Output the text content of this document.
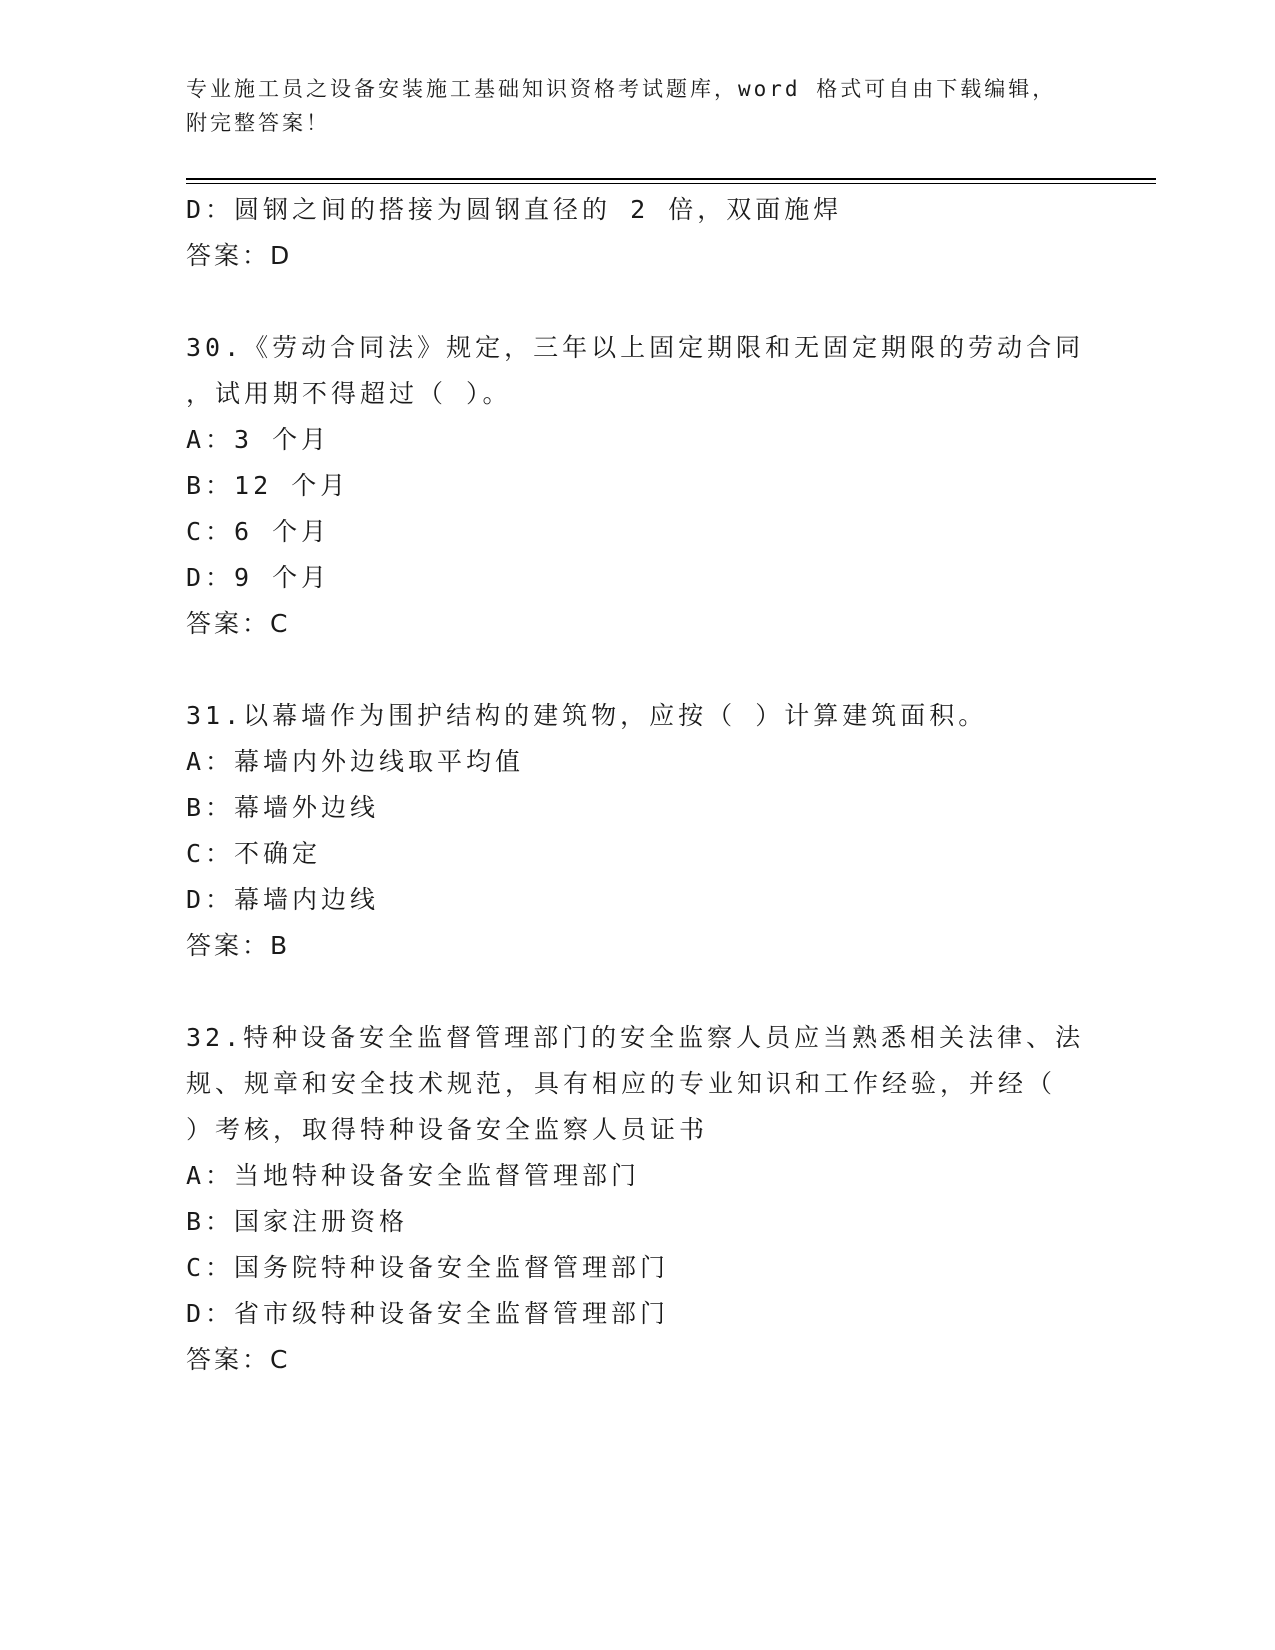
专业施工员之设备安装施工基础知识资格考试题库，word 格式可自由下载编辑，
附完整答案！
D：圆钢之间的搭接为圆钢直径的 2 倍，双面施焊
答案：D
30.《劳动合同法》规定，三年以上固定期限和无固定期限的劳动合同
，试用期不得超过（ ）。
A：3 个月
B：12 个月
C：6 个月
D：9 个月
答案：C
31.以幕墙作为围护结构的建筑物，应按（ ）计算建筑面积。
A：幕墙内外边线取平均值
B：幕墙外边线
C：不确定
D：幕墙内边线
答案：B
32.特种设备安全监督管理部门的安全监察人员应当熟悉相关法律、法
规、规章和安全技术规范，具有相应的专业知识和工作经验，并经（
）考核，取得特种设备安全监察人员证书
A：当地特种设备安全监督管理部门
B：国家注册资格
C：国务院特种设备安全监督管理部门
D：省市级特种设备安全监督管理部门
答案：C
